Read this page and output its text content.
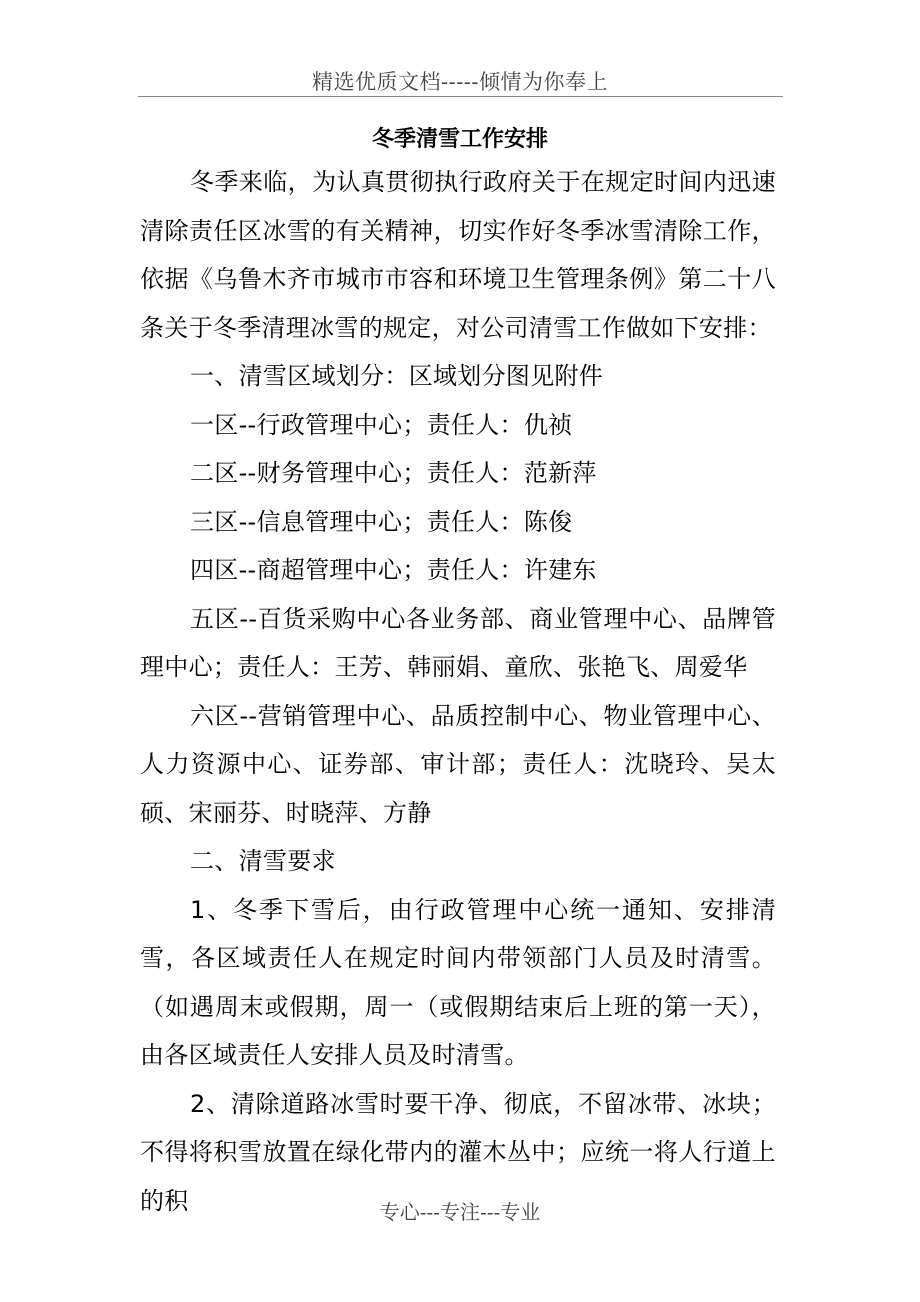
精选优质文档-----倾情为你奉上
冬季清雪工作安排

冬季来临，为认真贯彻执行政府关于在规定时间内迅速清除责任区冰雪的有关精神，切实作好冬季冰雪清除工作，依据《乌鲁木齐市城市市容和环境卫生管理条例》第二十八条关于冬季清理冰雪的规定，对公司清雪工作做如下安排：

一、清雪区域划分：区域划分图见附件

一区--行政管理中心；责任人：仇祯

二区--财务管理中心；责任人：范新萍

三区--信息管理中心；责任人：陈俊

四区--商超管理中心；责任人：许建东

五区--百货采购中心各业务部、商业管理中心、品牌管理中心；责任人：王芳、韩丽娟、童欣、张艳飞、周爱华

六区--营销管理中心、品质控制中心、物业管理中心、人力资源中心、证券部、审计部；责任人：沈晓玲、吴太硕、宋丽芬、时晓萍、方静

二、清雪要求

1、冬季下雪后，由行政管理中心统一通知、安排清雪，各区域责任人在规定时间内带领部门人员及时清雪。（如遇周末或假期，周一（或假期结束后上班的第一天），由各区域责任人安排人员及时清雪。

2、清除道路冰雪时要干净、彻底，不留冰带、冰块；不得将积雪放置在绿化带内的灌木丛中；应统一将人行道上的积	专心---专注---专业
